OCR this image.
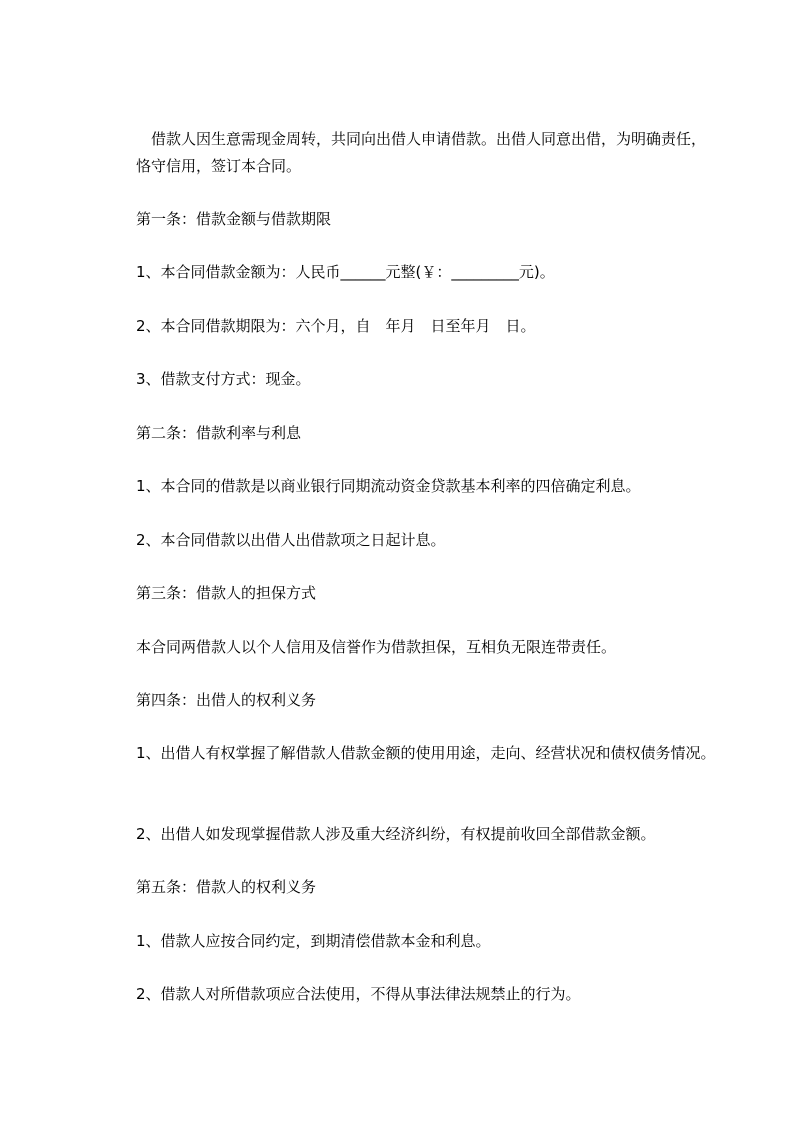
　借款人因生意需现金周转，共同向出借人申请借款。出借人同意出借，为明确责任，恪守信用，签订本合同。

第一条：借款金额与借款期限

1、本合同借款金额为：人民币______元整(￥：_________元)。

2、本合同借款期限为：六个月，自　年月　日至年月　日。

3、借款支付方式：现金。

第二条：借款利率与利息

1、本合同的借款是以商业银行同期流动资金贷款基本利率的四倍确定利息。

2、本合同借款以出借人出借款项之日起计息。

第三条：借款人的担保方式

本合同两借款人以个人信用及信誉作为借款担保，互相负无限连带责任。

第四条：出借人的权利义务

1、出借人有权掌握了解借款人借款金额的使用用途，走向、经营状况和债权债务情况。

2、出借人如发现掌握借款人涉及重大经济纠纷，有权提前收回全部借款金额。

第五条：借款人的权利义务

1、借款人应按合同约定，到期清偿借款本金和利息。

2、借款人对所借款项应合法使用，不得从事法律法规禁止的行为。
